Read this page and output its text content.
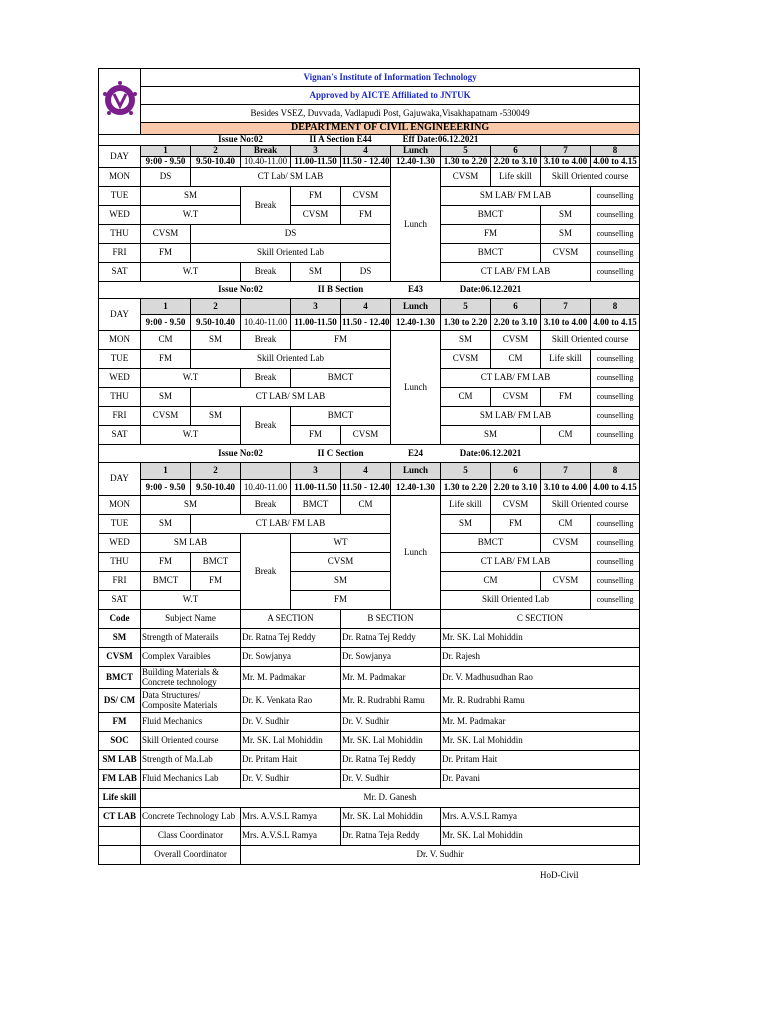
	Vignan's Institute of Information Technology									
	Approved by AICTE Affiliated to JNTUK									
	Besides VSEZ, Duvvada, Vadlapudi Post, Gajuwaka,Visakhapatnam -530049									
	DEPARTMENT OF CIVIL ENGINEEERING									
		Issue No:02		II A Section E44		Eff Date:06.12.2021				
DAY	1	2	Break	3	4	Lunch	5	6	7	8
	9:00 - 9.50	9.50-10.40	10.40-11.00	11.00-11.50	11.50 - 12.40	12.40-1.30	1.30 to 2.20	2.20 to 3.10	3.10 to 4.00	4.00 to 4.15
MON	DS	CT Lab/ SM LAB				Lunch	CVSM	Life skill	Skill Oriented course	
TUE	SM		Break	FM	CVSM		SM LAB/ FM LAB			counselling
WED	W.T			CVSM	FM		BMCT		SM	counselling
THU	CVSM	DS					FM		SM	counselling
FRI	FM	Skill Oriented Lab					BMCT		CVSM	counselling
SAT	W.T		Break	SM	DS		CT LAB/ FM LAB			counselling
		Issue No:02		II B Section		E43	Date:06.12.2021			
DAY	1	2		3	4	Lunch	5	6	7	8
	9:00 - 9.50	9.50-10.40	10.40-11.00	11.00-11.50	11.50 - 12.40	12.40-1.30	1.30 to 2.20	2.20 to 3.10	3.10 to 4.00	4.00 to 4.15
MON	CM	SM	Break	FM		Lunch	SM	CVSM	Skill Oriented course	
TUE	FM	Skill Oriented Lab					CVSM	CM	Life skill	counselling
WED	W.T		Break	BMCT			CT LAB/ FM LAB			counselling
THU	SM	CT LAB/ SM LAB					CM	CVSM	FM	counselling
FRI	CVSM	SM	Break	BMCT			SM LAB/ FM LAB			counselling
SAT	W.T			FM	CVSM		SM		CM	counselling
		Issue No:02		II C Section		E24	Date:06.12.2021			
DAY	1	2		3	4	Lunch	5	6	7	8
	9:00 - 9.50	9.50-10.40	10.40-11.00	11.00-11.50	11.50 - 12.40	12.40-1.30	1.30 to 2.20	2.20 to 3.10	3.10 to 4.00	4.00 to 4.15
MON	SM		Break	BMCT	CM	Lunch	Life skill	CVSM	Skill Oriented course	
TUE	SM	CT LAB/ FM LAB					SM	FM	CM	counselling
WED	SM LAB		Break	WT			BMCT		CVSM	counselling
THU	FM	BMCT		CVSM			CT LAB/ FM LAB			counselling
FRI	BMCT	FM		SM			CM		CVSM	counselling
SAT	W.T			FM			Skill Oriented Lab			counselling
Code	Subject Name		A SECTION		B SECTION		C SECTION			
SM	Strength of Materails		Dr. Ratna Tej Reddy		Dr. Ratna Tej Reddy		Mr. SK. Lal Mohiddin			
CVSM	Complex Varaibles		Dr. Sowjanya		Dr. Sowjanya		Dr. Rajesh			
BMCT	Building Materials & Concrete technology		Mr. M. Padmakar		Mr. M. Padmakar		Dr. V. Madhusudhan Rao			
DS/ CM	Data Structures/ Composite Materials		Dr. K. Venkata Rao		Mr. R. Rudrabhi Ramu		Mr. R. Rudrabhi Ramu			
FM	Fluid Mechanics		Dr. V. Sudhir		Dr. V. Sudhir		Mr. M. Padmakar			
SOC	Skill Oriented course		Mr. SK. Lal Mohiddin		Mr. SK. Lal Mohiddin		Mr. SK. Lal Mohiddin			
SM LAB	Strength of Ma.Lab		Dr. Pritam Hait		Dr. Ratna Tej Reddy		Dr. Pritam Hait			
FM LAB	Fluid Mechanics Lab		Dr. V. Sudhir		Dr. V. Sudhir		Dr. Pavani			
Life skill	Mr. D. Ganesh									
CT LAB	Concrete Technology Lab		Mrs. A.V.S.L Ramya		Mr. SK. Lal Mohiddin		Mrs. A.V.S.L Ramya			
	Class Coordinator		Mrs. A.V.S.L Ramya		Dr. Ratna Teja Reddy		Mr. SK. Lal Mohiddin			
	Overall Coordinator		Dr. V. Sudhir							
HoD-Civil
